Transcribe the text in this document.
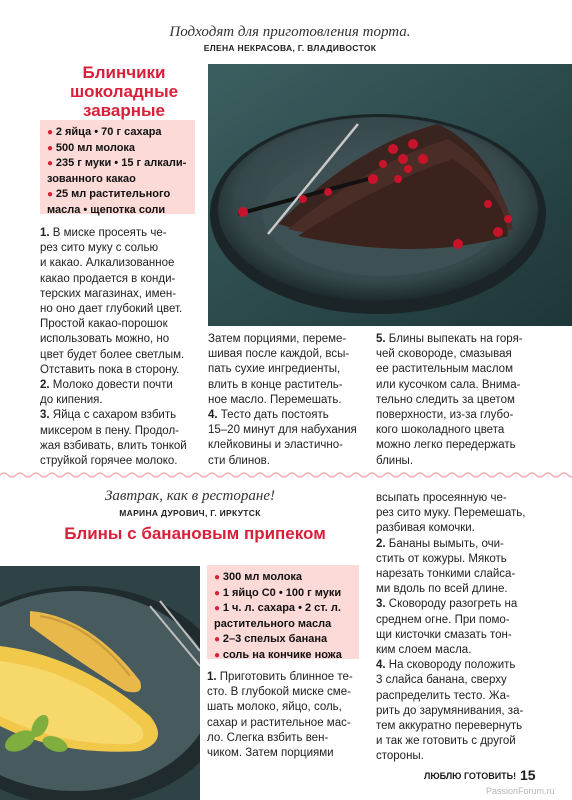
Подходят для приготовления торта.
ЕЛЕНА НЕКРАСОВА, Г. ВЛАДИВОСТОК
Блинчики
шоколадные
заварные
● 2 яйца • 70 г сахара
● 500 мл молока
● 235 г муки • 15 г алкали-
зованного какао
● 25 мл растительного
масла • щепотка соли

1. В миске просеять че-

рез сито муку с солью

и какао. Алкализованное

какао продается в конди-

терских магазинах, имен-

но оно дает глубокий цвет.

Простой какао-порошок

использовать можно, но

цвет будет более светлым.

Отставить пока в сторону.

2. Молоко довести почти

до кипения.

3. Яйца с сахаром взбить

миксером в пену. Продол-

жая взбивать, влить тонкой

струйкой горячее молоко.

Затем порциями, переме-

шивая после каждой, всы-

пать сухие ингредиенты,

влить в конце раститель-

ное масло. Перемешать.

4. Тесто дать постоять

15–20 минут для набухания

клейковины и эластично-

сти блинов.

5. Блины выпекать на горя-

чей сковороде, смазывая

ее растительным маслом

или кусочком сала. Внима-

тельно следить за цветом

поверхности, из-за глубо-

кого шоколадного цвета

можно легко передержать

блины.

Завтрак, как в ресторане!
МАРИНА ДУРОВИЧ, Г. ИРКУТСК
Блины с банановым припеком
● 300 мл молока
● 1 яйцо С0 • 100 г муки
● 1 ч. л. сахара • 2 ст. л.
растительного масла
● 2–3 спелых банана
● соль на кончике ножа

1. Приготовить блинное те-

сто. В глубокой миске сме-

шать молоко, яйцо, соль,

сахар и растительное мас-

ло. Слегка взбить вен-

чиком. Затем порциями

всыпать просеянную че-

рез сито муку. Перемешать,

разбивая комочки.

2. Бананы вымыть, очи-

стить от кожуры. Мякоть

нарезать тонкими слайса-

ми вдоль по всей длине.

3. Сковороду разогреть на

среднем огне. При помо-

щи кисточки смазать тон-

ким слоем масла.

4. На сковороду положить

3 слайса банана, сверху

распределить тесто. Жа-

рить до зарумянивания, за-

тем аккуратно перевернуть

и так же готовить с другой

стороны.

ЛЮБЛЮ ГОТОВИТЬ! 15
PassionForum.ru
